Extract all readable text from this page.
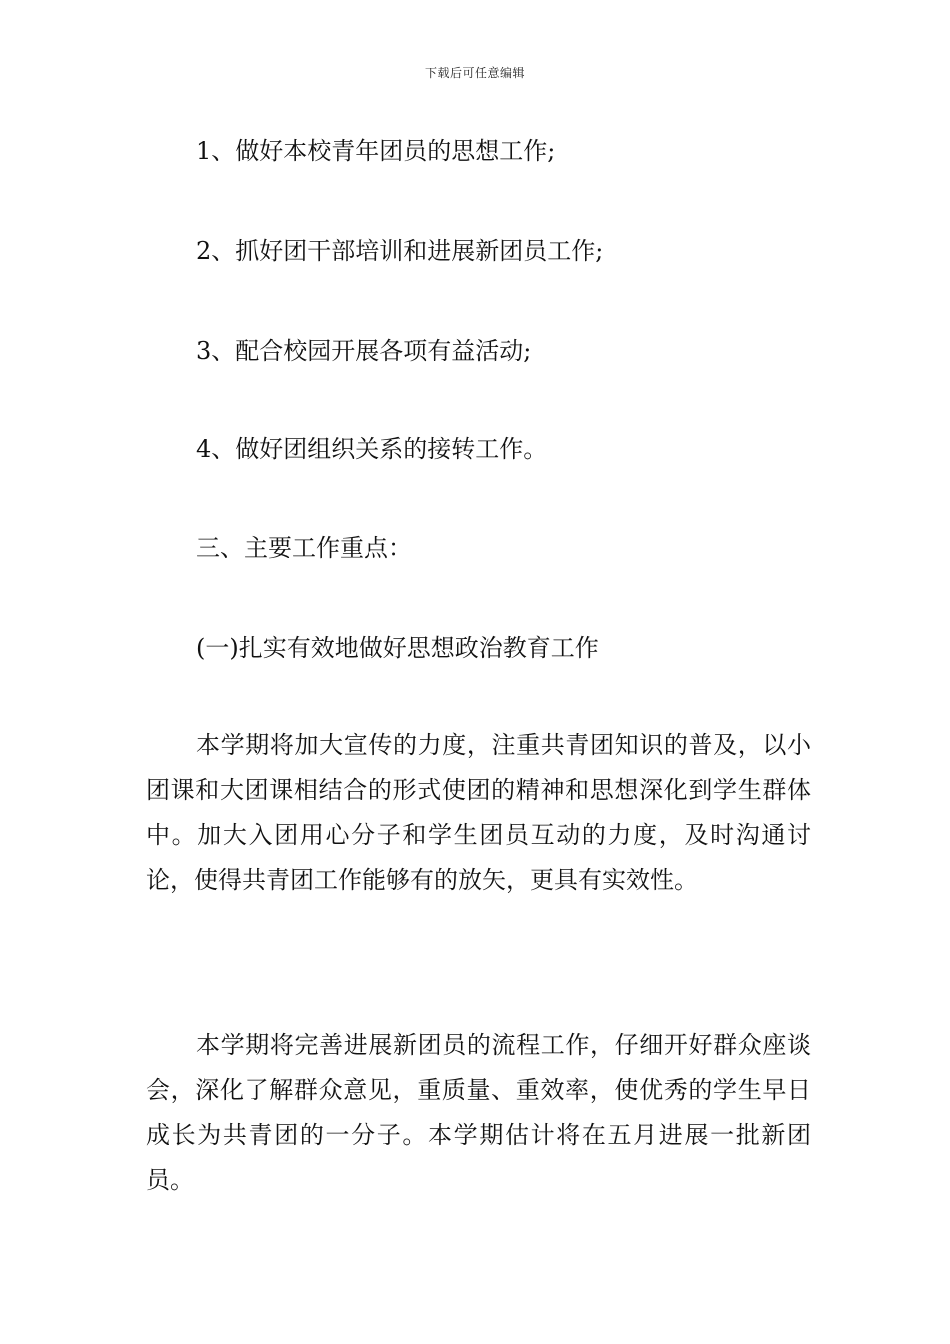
下载后可任意编辑
1、做好本校青年团员的思想工作;
2、抓好团干部培训和进展新团员工作;
3、配合校园开展各项有益活动;
4、做好团组织关系的接转工作。
三、主要工作重点：
(一)扎实有效地做好思想政治教育工作

本学期将加大宣传的力度，注重共青团知识的普及，以小团课和大团课相结合的形式使团的精神和思想深化到学生群体中。加大入团用心分子和学生团员互动的力度，及时沟通讨论，使得共青团工作能够有的放矢，更具有实效性。

本学期将完善进展新团员的流程工作，仔细开好群众座谈会，深化了解群众意见，重质量、重效率，使优秀的学生早日成长为共青团的一分子。本学期估计将在五月进展一批新团员。
